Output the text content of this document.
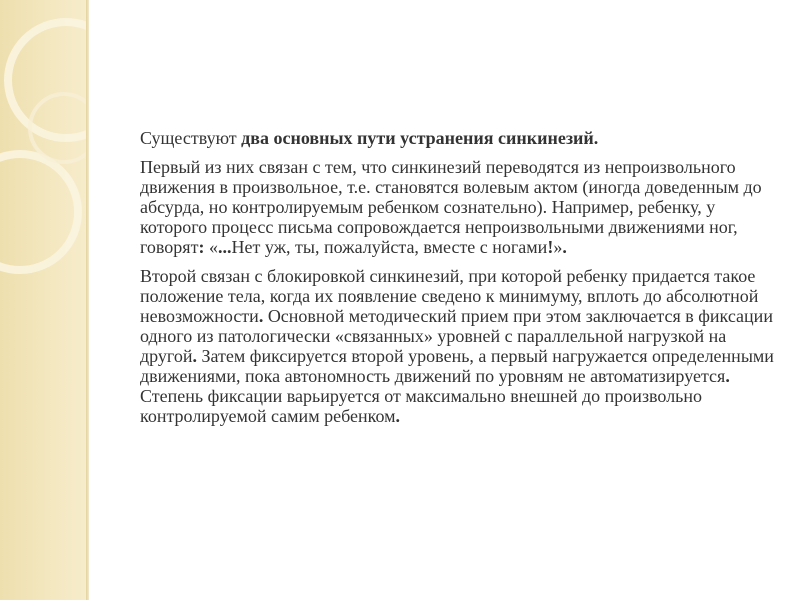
Существуют два основных пути устранения синкинезий.

Первый из них связан с тем, что синкинезий переводятся из непроизвольного движения в произвольное, т.е. становятся волевым актом (иногда доведенным до абсурда, но контролируемым ребенком сознательно). Например, ребенку, у которого процесс письма сопровождается непроизвольными движениями ног, говорят: «...Нет уж, ты, пожалуйста, вместе с ногами!».

Второй связан с блокировкой синкинезий, при которой ребенку придается такое положение тела, когда их появление сведено к минимуму, вплоть до абсолютной невозможности. Основной методический прием при этом заключается в фиксации одного из патологически «связанных» уровней с параллельной нагрузкой на другой. Затем фиксируется второй уровень, а первый нагружается определенными движениями, пока автономность движений по уровням не автоматизируется. Степень фиксации варьируется от максимально внешней до произвольно контролируемой самим ребенком.
